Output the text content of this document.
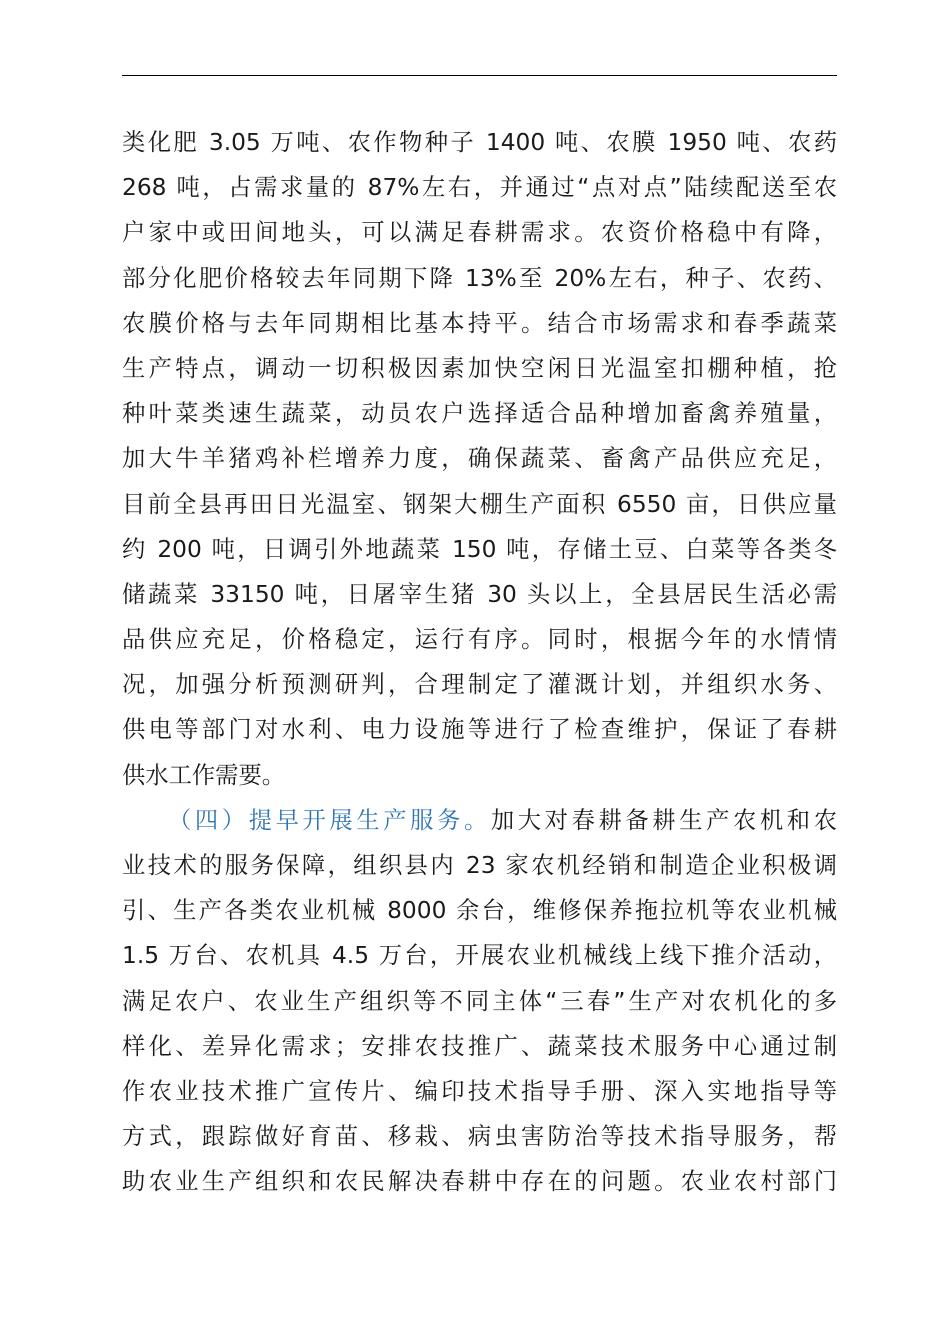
类化肥 3.05 万吨、农作物种子 1400 吨、农膜 1950 吨、农药
268 吨，占需求量的 87%左右，并通过“点对点”陆续配送至农
户家中或田间地头，可以满足春耕需求。农资价格稳中有降，
部分化肥价格较去年同期下降 13%至 20%左右，种子、农药、
农膜价格与去年同期相比基本持平。结合市场需求和春季蔬菜
生产特点，调动一切积极因素加快空闲日光温室扣棚种植，抢
种叶菜类速生蔬菜，动员农户选择适合品种增加畜禽养殖量，
加大牛羊猪鸡补栏增养力度，确保蔬菜、畜禽产品供应充足，
目前全县再田日光温室、钢架大棚生产面积 6550 亩，日供应量
约 200 吨，日调引外地蔬菜 150 吨，存储土豆、白菜等各类冬
储蔬菜 33150 吨，日屠宰生猪 30 头以上，全县居民生活必需
品供应充足，价格稳定，运行有序。同时，根据今年的水情情
况，加强分析预测研判，合理制定了灌溉计划，并组织水务、
供电等部门对水利、电力设施等进行了检查维护，保证了春耕
供水工作需要。
（四）提早开展生产服务。加大对春耕备耕生产农机和农
业技术的服务保障，组织县内 23 家农机经销和制造企业积极调
引、生产各类农业机械 8000 余台，维修保养拖拉机等农业机械
1.5 万台、农机具 4.5 万台，开展农业机械线上线下推介活动，
满足农户、农业生产组织等不同主体“三春”生产对农机化的多
样化、差异化需求；安排农技推广、蔬菜技术服务中心通过制
作农业技术推广宣传片、编印技术指导手册、深入实地指导等
方式，跟踪做好育苗、移栽、病虫害防治等技术指导服务，帮
助农业生产组织和农民解决春耕中存在的问题。农业农村部门
